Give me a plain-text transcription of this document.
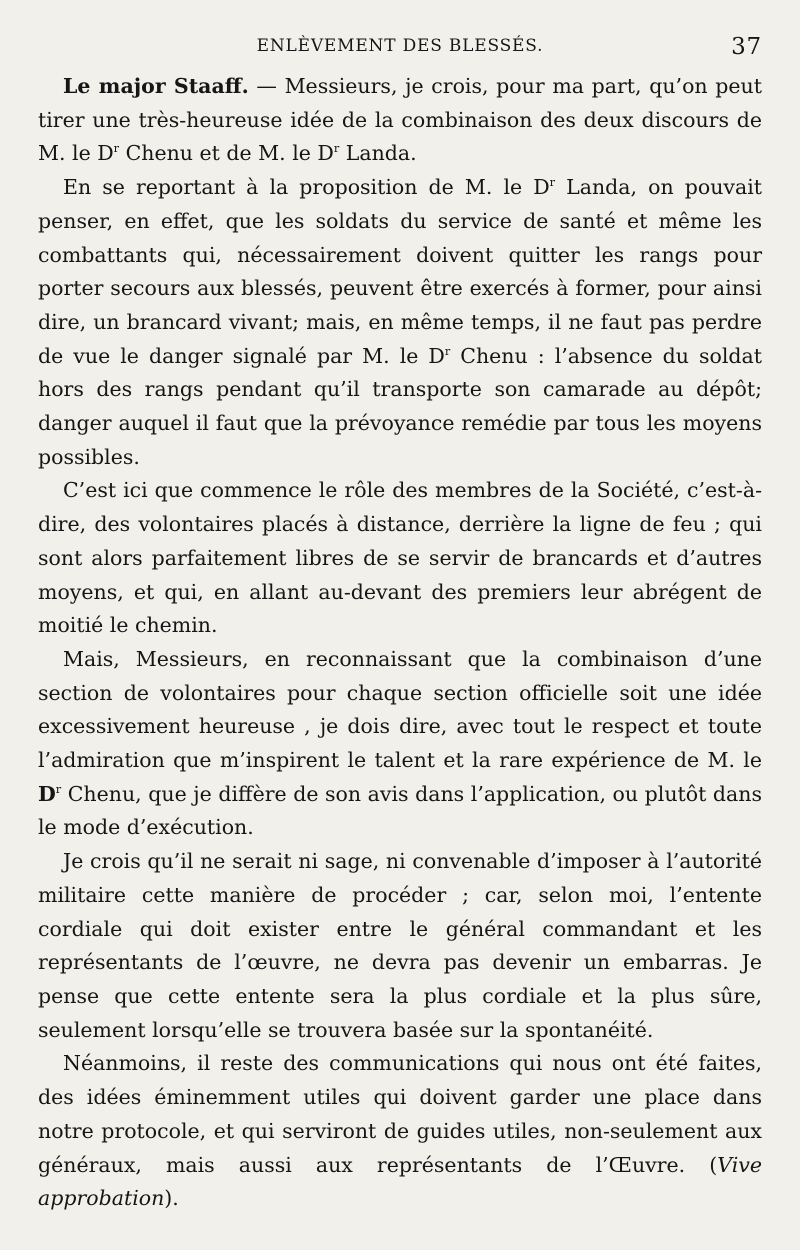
ENLÈVEMENT DES BLESSÉS.	37

Le major Staaff. — Messieurs, je crois, pour ma part, qu’on peut tirer une très-heureuse idée de la combinaison des deux discours de M. le $D^r$ Chenu et de M. le $D^r$ Landa.

En se reportant à la proposition de M. le $D^r$ Landa, on pouvait penser, en effet, que les soldats du service de santé et même les combattants qui, nécessairement doivent quitter les rangs pour porter secours aux blessés, peuvent être exercés à former, pour ainsi dire, un brancard vivant; mais, en même temps, il ne faut pas perdre de vue le danger signalé par M. le $D^r$ Chenu : l’absence du soldat hors des rangs pendant qu’il transporte son camarade au dépôt; danger auquel il faut que la prévoyance remédie par tous les moyens possibles.

C’est ici que commence le rôle des membres de la Société, c’est-à-dire, des volontaires placés à distance, derrière la ligne de feu ; qui sont alors parfaitement libres de se servir de brancards et d’autres moyens, et qui, en allant au-devant des premiers leur abrégent de moitié le chemin.

Mais, Messieurs, en reconnaissant que la combinaison d’une section de volontaires pour chaque section officielle soit une idée excessivement heureuse , je dois dire, avec tout le respect et toute l’admiration que m’inspirent le talent et la rare expérience de M. le $D^r$ Chenu, que je diffère de son avis dans l’application, ou plutôt dans le mode d’exécution.

Je crois qu’il ne serait ni sage, ni convenable d’imposer à l’autorité militaire cette manière de procéder ; car, selon moi, l’entente cordiale qui doit exister entre le général commandant et les représentants de l’œuvre, ne devra pas devenir un embarras. Je pense que cette entente sera la plus cordiale et la plus sûre, seulement lorsqu’elle se trouvera basée sur la spontanéité.

Néanmoins, il reste des communications qui nous ont été faites, des idées éminemment utiles qui doivent garder une place dans notre protocole, et qui serviront de guides utiles, non-seulement aux généraux, mais aussi aux représentants de l’Œuvre. (Vive approbation).
